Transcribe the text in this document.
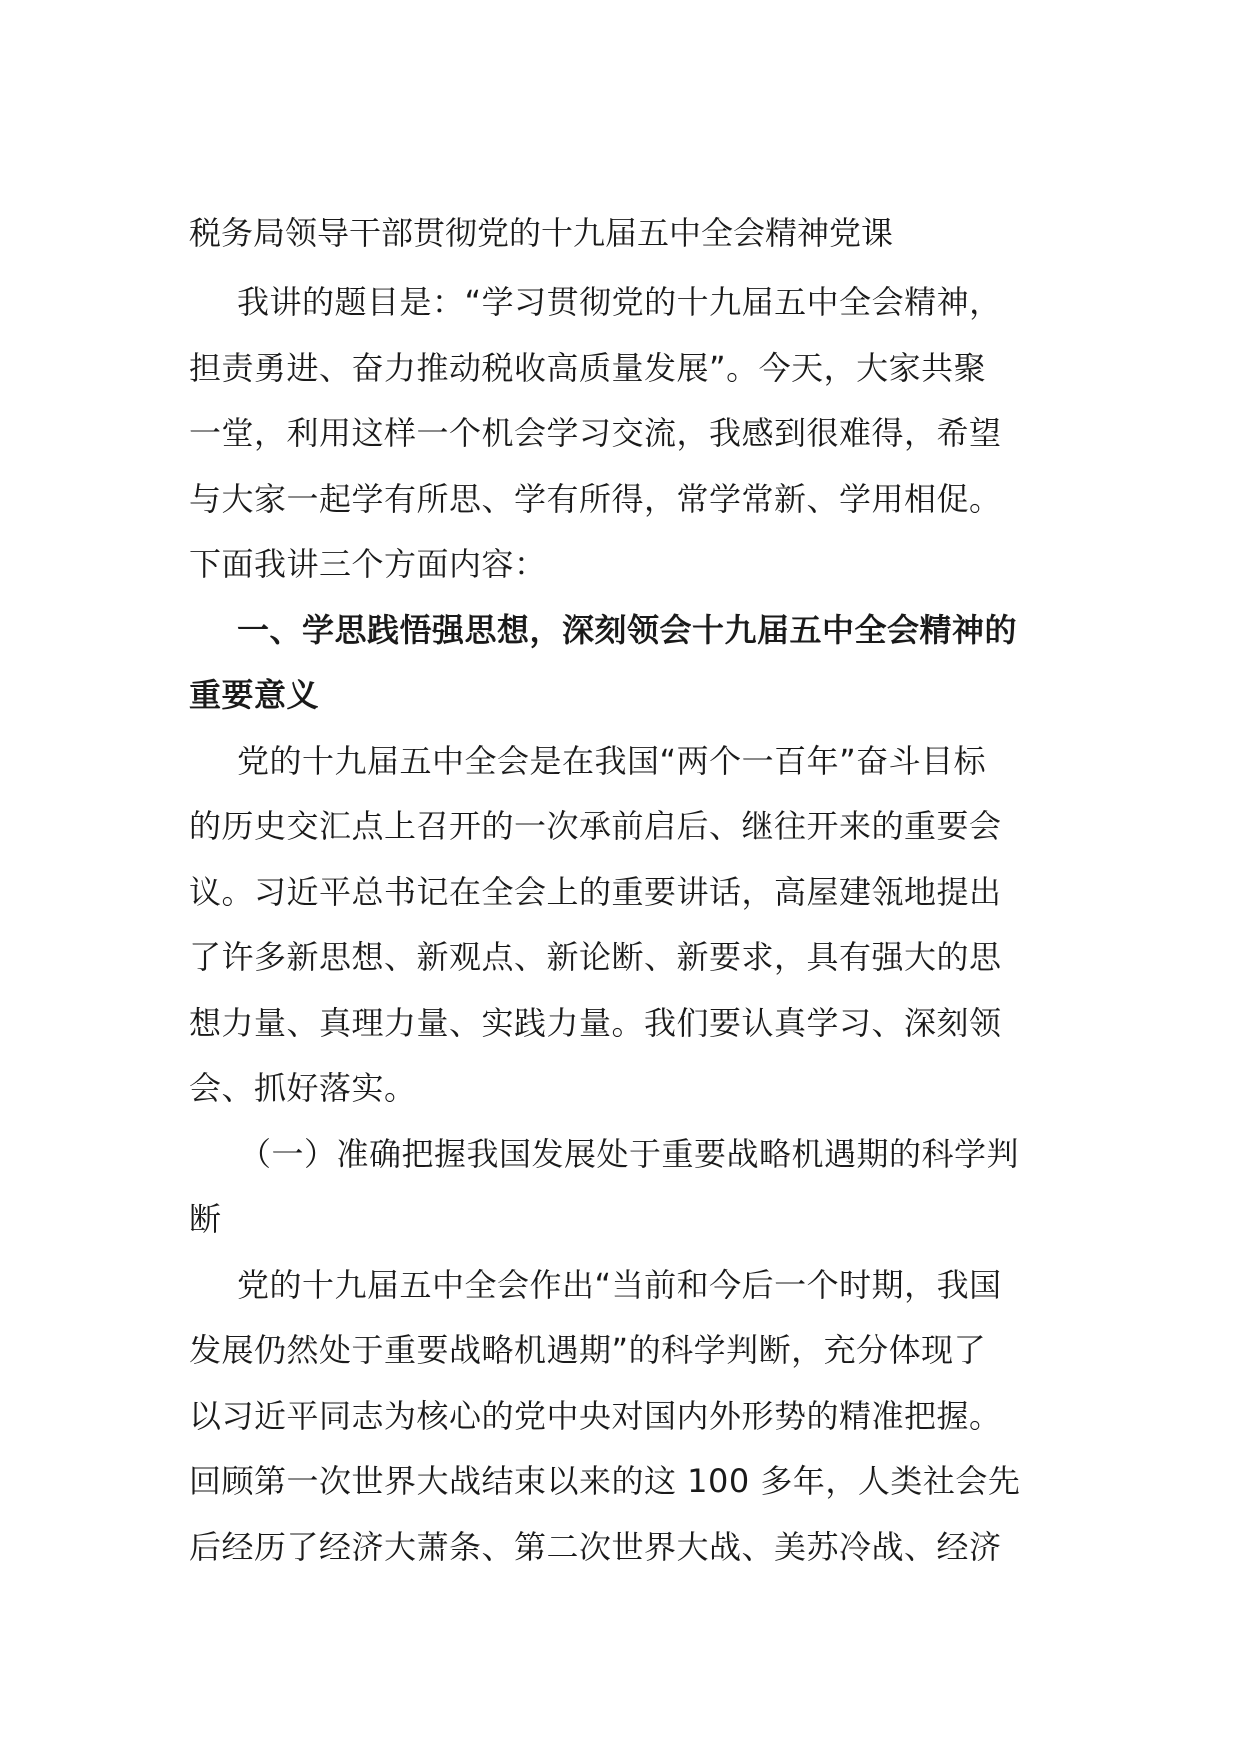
税务局领导干部贯彻党的十九届五中全会精神党课
我讲的题目是：“学习贯彻党的十九届五中全会精神，
担责勇进、奋力推动税收高质量发展”。今天，大家共聚
一堂，利用这样一个机会学习交流，我感到很难得，希望
与大家一起学有所思、学有所得，常学常新、学用相促。
下面我讲三个方面内容：
一、学思践悟强思想，深刻领会十九届五中全会精神的
重要意义
党的十九届五中全会是在我国“两个一百年”奋斗目标
的历史交汇点上召开的一次承前启后、继往开来的重要会
议。习近平总书记在全会上的重要讲话，高屋建瓴地提出
了许多新思想、新观点、新论断、新要求，具有强大的思
想力量、真理力量、实践力量。我们要认真学习、深刻领
会、抓好落实。
（一）准确把握我国发展处于重要战略机遇期的科学判
断
党的十九届五中全会作出“当前和今后一个时期，我国
发展仍然处于重要战略机遇期”的科学判断，充分体现了
以习近平同志为核心的党中央对国内外形势的精准把握。
回顾第一次世界大战结束以来的这 100 多年，人类社会先
后经历了经济大萧条、第二次世界大战、美苏冷战、经济
